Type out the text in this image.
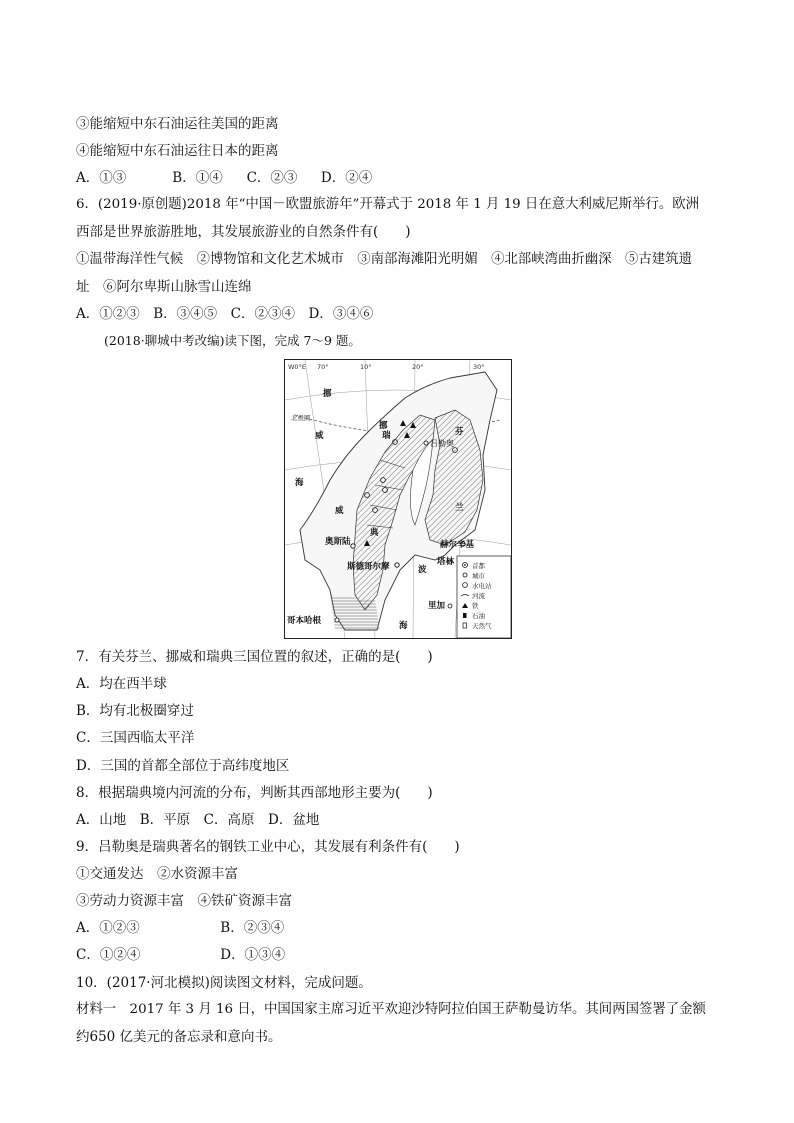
③能缩短中东石油运往美国的距离
④能缩短中东石油运往日本的距离
A．①③	B．①④ C．②③ D．②④
6．(2019·原创题)2018 年“中国－欧盟旅游年”开幕式于 2018 年 1 月 19 日在意大利威尼斯举行。欧洲
西部是世界旅游胜地，其发展旅游业的自然条件有(　　)
①温带海洋性气候　②博物馆和文化艺术城市　③南部海滩阳光明媚　④北部峡湾曲折幽深　⑤古建筑遗
址　⑥阿尔卑斯山脉雪山连绵
A．①②③　B．③④⑤　C．②③④　D．③④⑥
(2018·聊城中考改编)读下图，完成 7～9 题。
W0°E 70°	10°	20°	30°
北极圈
挪
威	瑞
典
芬
兰
挪
威
海
波
海
吕勒奥
奥斯陆
斯德哥尔摩
赫尔辛基
塔林
里加
哥本哈根
首都
城市
水电站
河流
铁
石油
天然气
7．有关芬兰、挪威和瑞典三国位置的叙述，正确的是(　　)
A．均在西半球
B．均有北极圈穿过
C．三国西临太平洋
D．三国的首都全部位于高纬度地区
8．根据瑞典境内河流的分布，判断其西部地形主要为(　　)
A．山地　B．平原　C．高原　D．盆地
9．吕勒奥是瑞典著名的钢铁工业中心，其发展有利条件有(　　)
①交通发达　②水资源丰富
③劳动力资源丰富　④铁矿资源丰富
A．①②③	B．②③④
C．①②④	D．①③④
10．(2017·河北模拟)阅读图文材料，完成问题。
材料一　2017 年 3 月 16 日，中国国家主席习近平欢迎沙特阿拉伯国王萨勒曼访华。其间两国签署了金额
约650 亿美元的备忘录和意向书。
